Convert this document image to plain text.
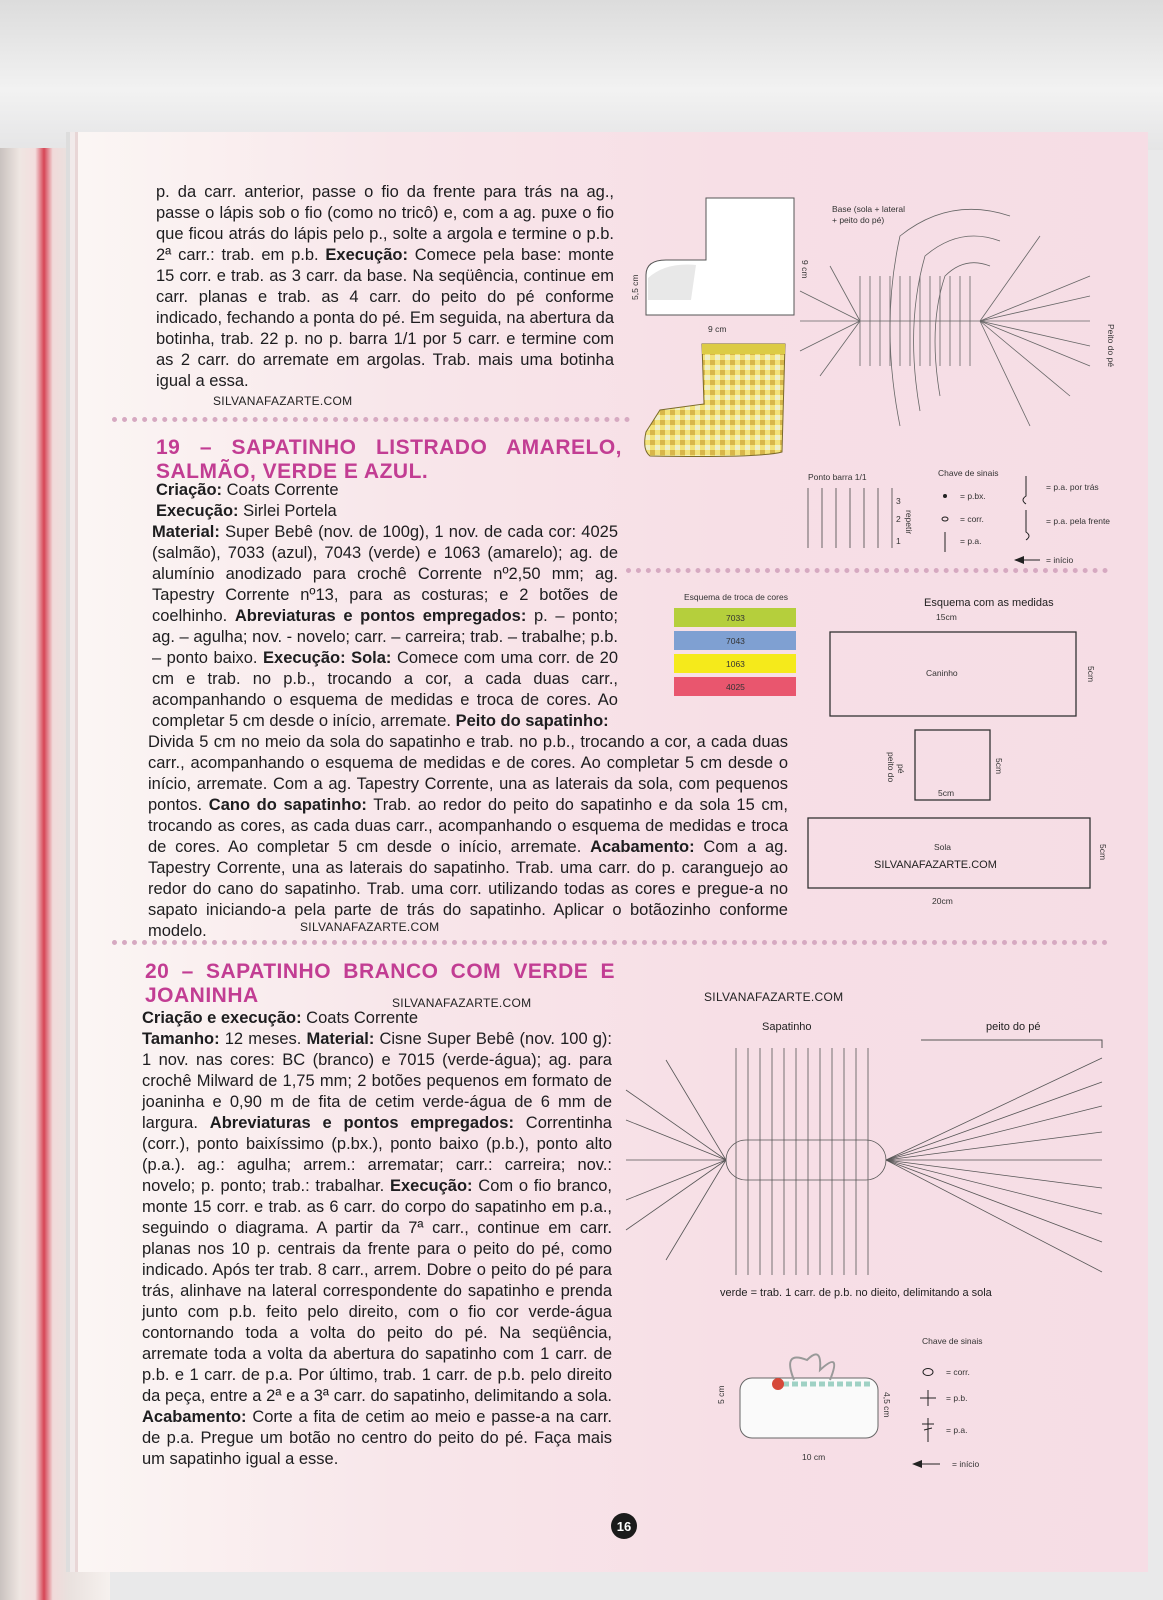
p. da carr. anterior, passe o fio da frente para trás na ag., passe o lápis sob o fio (como no tricô) e, com a ag. puxe o fio que ficou atrás do lápis pelo p., solte a argola e termine o p.b. 2ª carr.: trab. em p.b. Execução: Comece pela base: monte 15 corr. e trab. as 3 carr. da base. Na seqüência, continue em carr. planas e trab. as 4 carr. do peito do pé conforme indicado, fechando a ponta do pé. Em seguida, na abertura da botinha, trab. 22 p. no p. barra 1/1 por 5 carr. e termine com as 2 carr. do arremate em argolas. Trab. mais uma botinha igual a essa.

SILVANAFAZARTE.COM
19 – SAPATINHO LISTRADO AMARELO, SALMÃO, VERDE E AZUL.

Criação: Coats Corrente

Execução: Sirlei Portela

Material: Super Bebê (nov. de 100g), 1 nov. de cada cor: 4025 (salmão), 7033 (azul), 7043 (verde) e 1063 (amarelo); ag. de alumínio anodizado para crochê Corrente nº2,50 mm; ag. Tapestry Corrente nº13, para as costuras; e 2 botões de coelhinho. Abreviaturas e pontos empregados: p. – ponto; ag. – agulha; nov. - novelo; carr. – carreira; trab. – trabalhe; p.b. – ponto baixo. Execução: Sola: Comece com uma corr. de 20 cm e trab. no p.b., trocando a cor, a cada duas carr., acompanhando o esquema de medidas e troca de cores. Ao completar 5 cm desde o início, arremate. Peito do sapatinho:

Divida 5 cm no meio da sola do sapatinho e trab. no p.b., trocando a cor, a cada duas carr., acompanhando o esquema de medidas e de cores. Ao completar 5 cm desde o início, arremate. Com a ag. Tapestry Corrente, una as laterais da sola, com pequenos pontos. Cano do sapatinho: Trab. ao redor do peito do sapatinho e da sola 15 cm, trocando as cores, as cada duas carr., acompanhando o esquema de medidas e troca de cores. Ao completar 5 cm desde o início, arremate. Acabamento: Com a ag. Tapestry Corrente, una as laterais do sapatinho. Trab. uma carr. do p. caranguejo ao redor do cano do sapatinho. Trab. uma corr. utilizando todas as cores e pregue-a no sapato iniciando-a pela parte de trás do sapatinho. Aplicar o botãozinho conforme modelo.	SILVANAFAZARTE.COM
20 – SAPATINHO BRANCO COM VERDE E JOANINHA	SILVANAFAZARTE.COM

Criação e execução: Coats Corrente

Tamanho: 12 meses. Material: Cisne Super Bebê (nov. 100 g): 1 nov. nas cores: BC (branco) e 7015 (verde-água); ag. para crochê Milward de 1,75 mm; 2 botões pequenos em formato de joaninha e 0,90 m de fita de cetim verde-água de 6 mm de largura. Abreviaturas e pontos empregados: Correntinha (corr.), ponto baixíssimo (p.bx.), ponto baixo (p.b.), ponto alto (p.a.). ag.: agulha; arrem.: arrematar; carr.: carreira; nov.: novelo; p. ponto; trab.: trabalhar. Execução: Com o fio branco, monte 15 corr. e trab. as 6 carr. do corpo do sapatinho em p.a., seguindo o diagrama. A partir da 7ª carr., continue em carr. planas nos 10 p. centrais da frente para o peito do pé, como indicado. Após ter trab. 8 carr., arrem. Dobre o peito do pé para trás, alinhave na lateral correspondente do sapatinho e prenda junto com p.b. feito pelo direito, com o fio cor verde-água contornando toda a volta do peito do pé. Na seqüência, arremate toda a volta da abertura do sapatinho com 1 carr. de p.b. e 1 carr. de p.a. Por último, trab. 1 carr. de p.b. pelo direito da peça, entre a 2ª e a 3ª carr. do sapatinho, delimitando a sola. Acabamento: Corte a fita de cetim ao meio e passe-a na carr. de p.a. Pregue um botão no centro do peito do pé. Faça mais um sapatinho igual a esse.

9 cm
5,5 cm
9 cm
Base (sola + lateral
+ peito do pé)
Peito do pé
Ponto barra 1/1
repetir
3
2
1
Chave de sinais
= p.bx.
= corr.
= p.a.
= p.a. por trás
= p.a. pela frente
= início
Esquema de troca de cores
7033
7043
1063
4025
Esquema com as medidas
15cm
Caninho	5cm
peito do pé
5cm
5cm
Sola
SILVANAFAZARTE.COM
5cm
20cm
SILVANAFAZARTE.COM
Sapatinho	peito do pé
verde = trab. 1 carr. de p.b. no dieito, delimitando a sola
5 cm	4,5 cm
10 cm
Chave de sinais
= corr.
= p.b.
= p.a.
= início
16
